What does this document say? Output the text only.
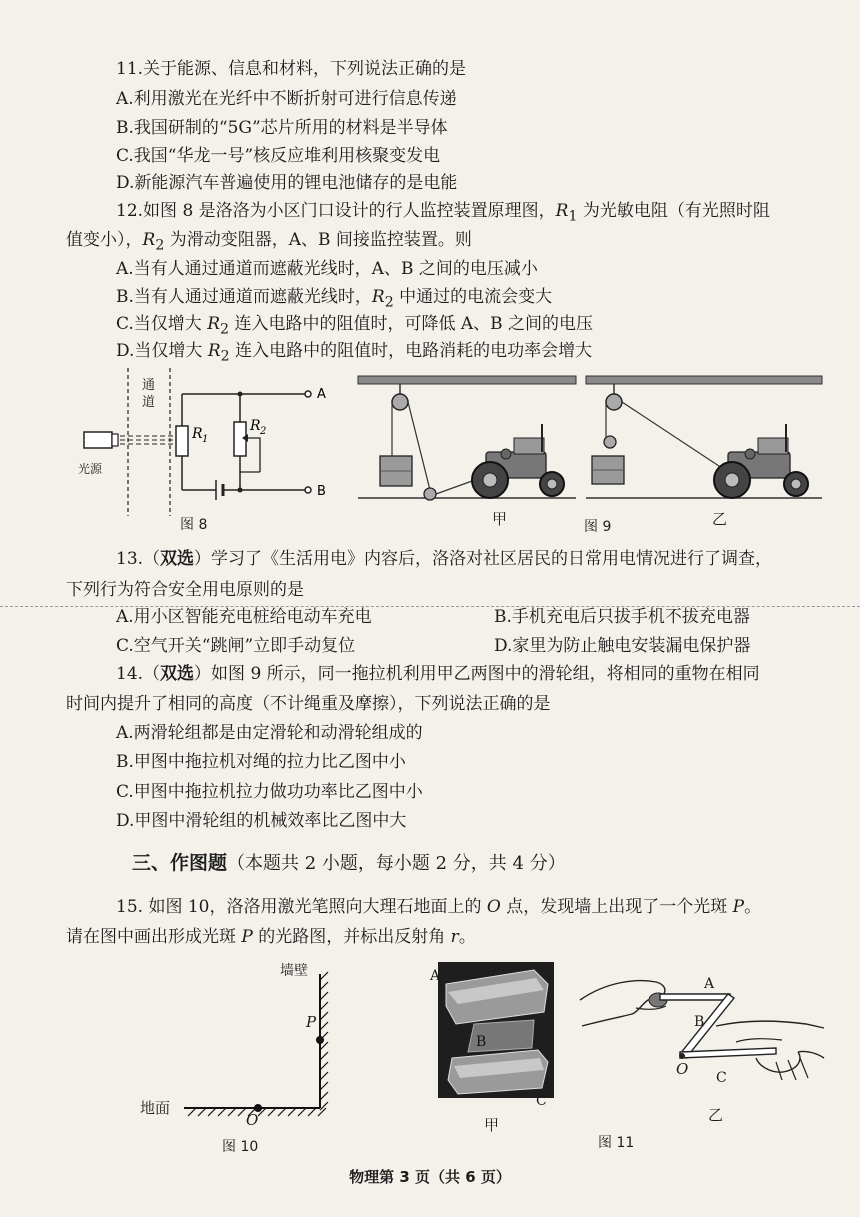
11.关于能源、信息和材料，下列说法正确的是
A.利用激光在光纤中不断折射可进行信息传递
B.我国研制的“5G”芯片所用的材料是半导体
C.我国“华龙一号”核反应堆利用核聚变发电
D.新能源汽车普遍使用的锂电池储存的是电能
12.如图 8 是洛洛为小区门口设计的行人监控装置原理图，$R_1$ 为光敏电阻（有光照时阻
值变小），$R_2$ 为滑动变阻器，A、B 间接监控装置。则
A.当有人通过通道而遮蔽光线时，A、B 之间的电压减小
B.当有人通过通道而遮蔽光线时，$R_2$ 中通过的电流会变大
C.当仅增大 $R_2$ 连入电路中的阻值时，可降低 A、B 之间的电压
D.当仅增大 $R_2$ 连入电路中的阻值时，电路消耗的电功率会增大
A
B
R 1
R 2
通道
光源
图 8	甲	图 9	乙
13.（双选）学习了《生活用电》内容后，洛洛对社区居民的日常用电情况进行了调查，
下列行为符合安全用电原则的是
A.用小区智能充电桩给电动车充电	B.手机充电后只拔手机不拔充电器
C.空气开关“跳闸”立即手动复位	D.家里为防止触电安装漏电保护器
14.（双选）如图 9 所示，同一拖拉机利用甲乙两图中的滑轮组，将相同的重物在相同
时间内提升了相同的高度（不计绳重及摩擦），下列说法正确的是
A.两滑轮组都是由定滑轮和动滑轮组成的
B.甲图中拖拉机对绳的拉力比乙图中小
C.甲图中拖拉机拉力做功功率比乙图中小
D.甲图中滑轮组的机械效率比乙图中大
三、作图题（本题共 2 小题，每小题 2 分，共 4 分）
15. 如图 10，洛洛用激光笔照向大理石地面上的 O 点，发现墙上出现了一个光斑 P。
请在图中画出形成光斑 P 的光路图，并标出反射角 r。
墙壁
P
地面
O
图 10
A
B
C
甲
A
B
O C
图 11
乙
物理第 3 页（共 6 页）
